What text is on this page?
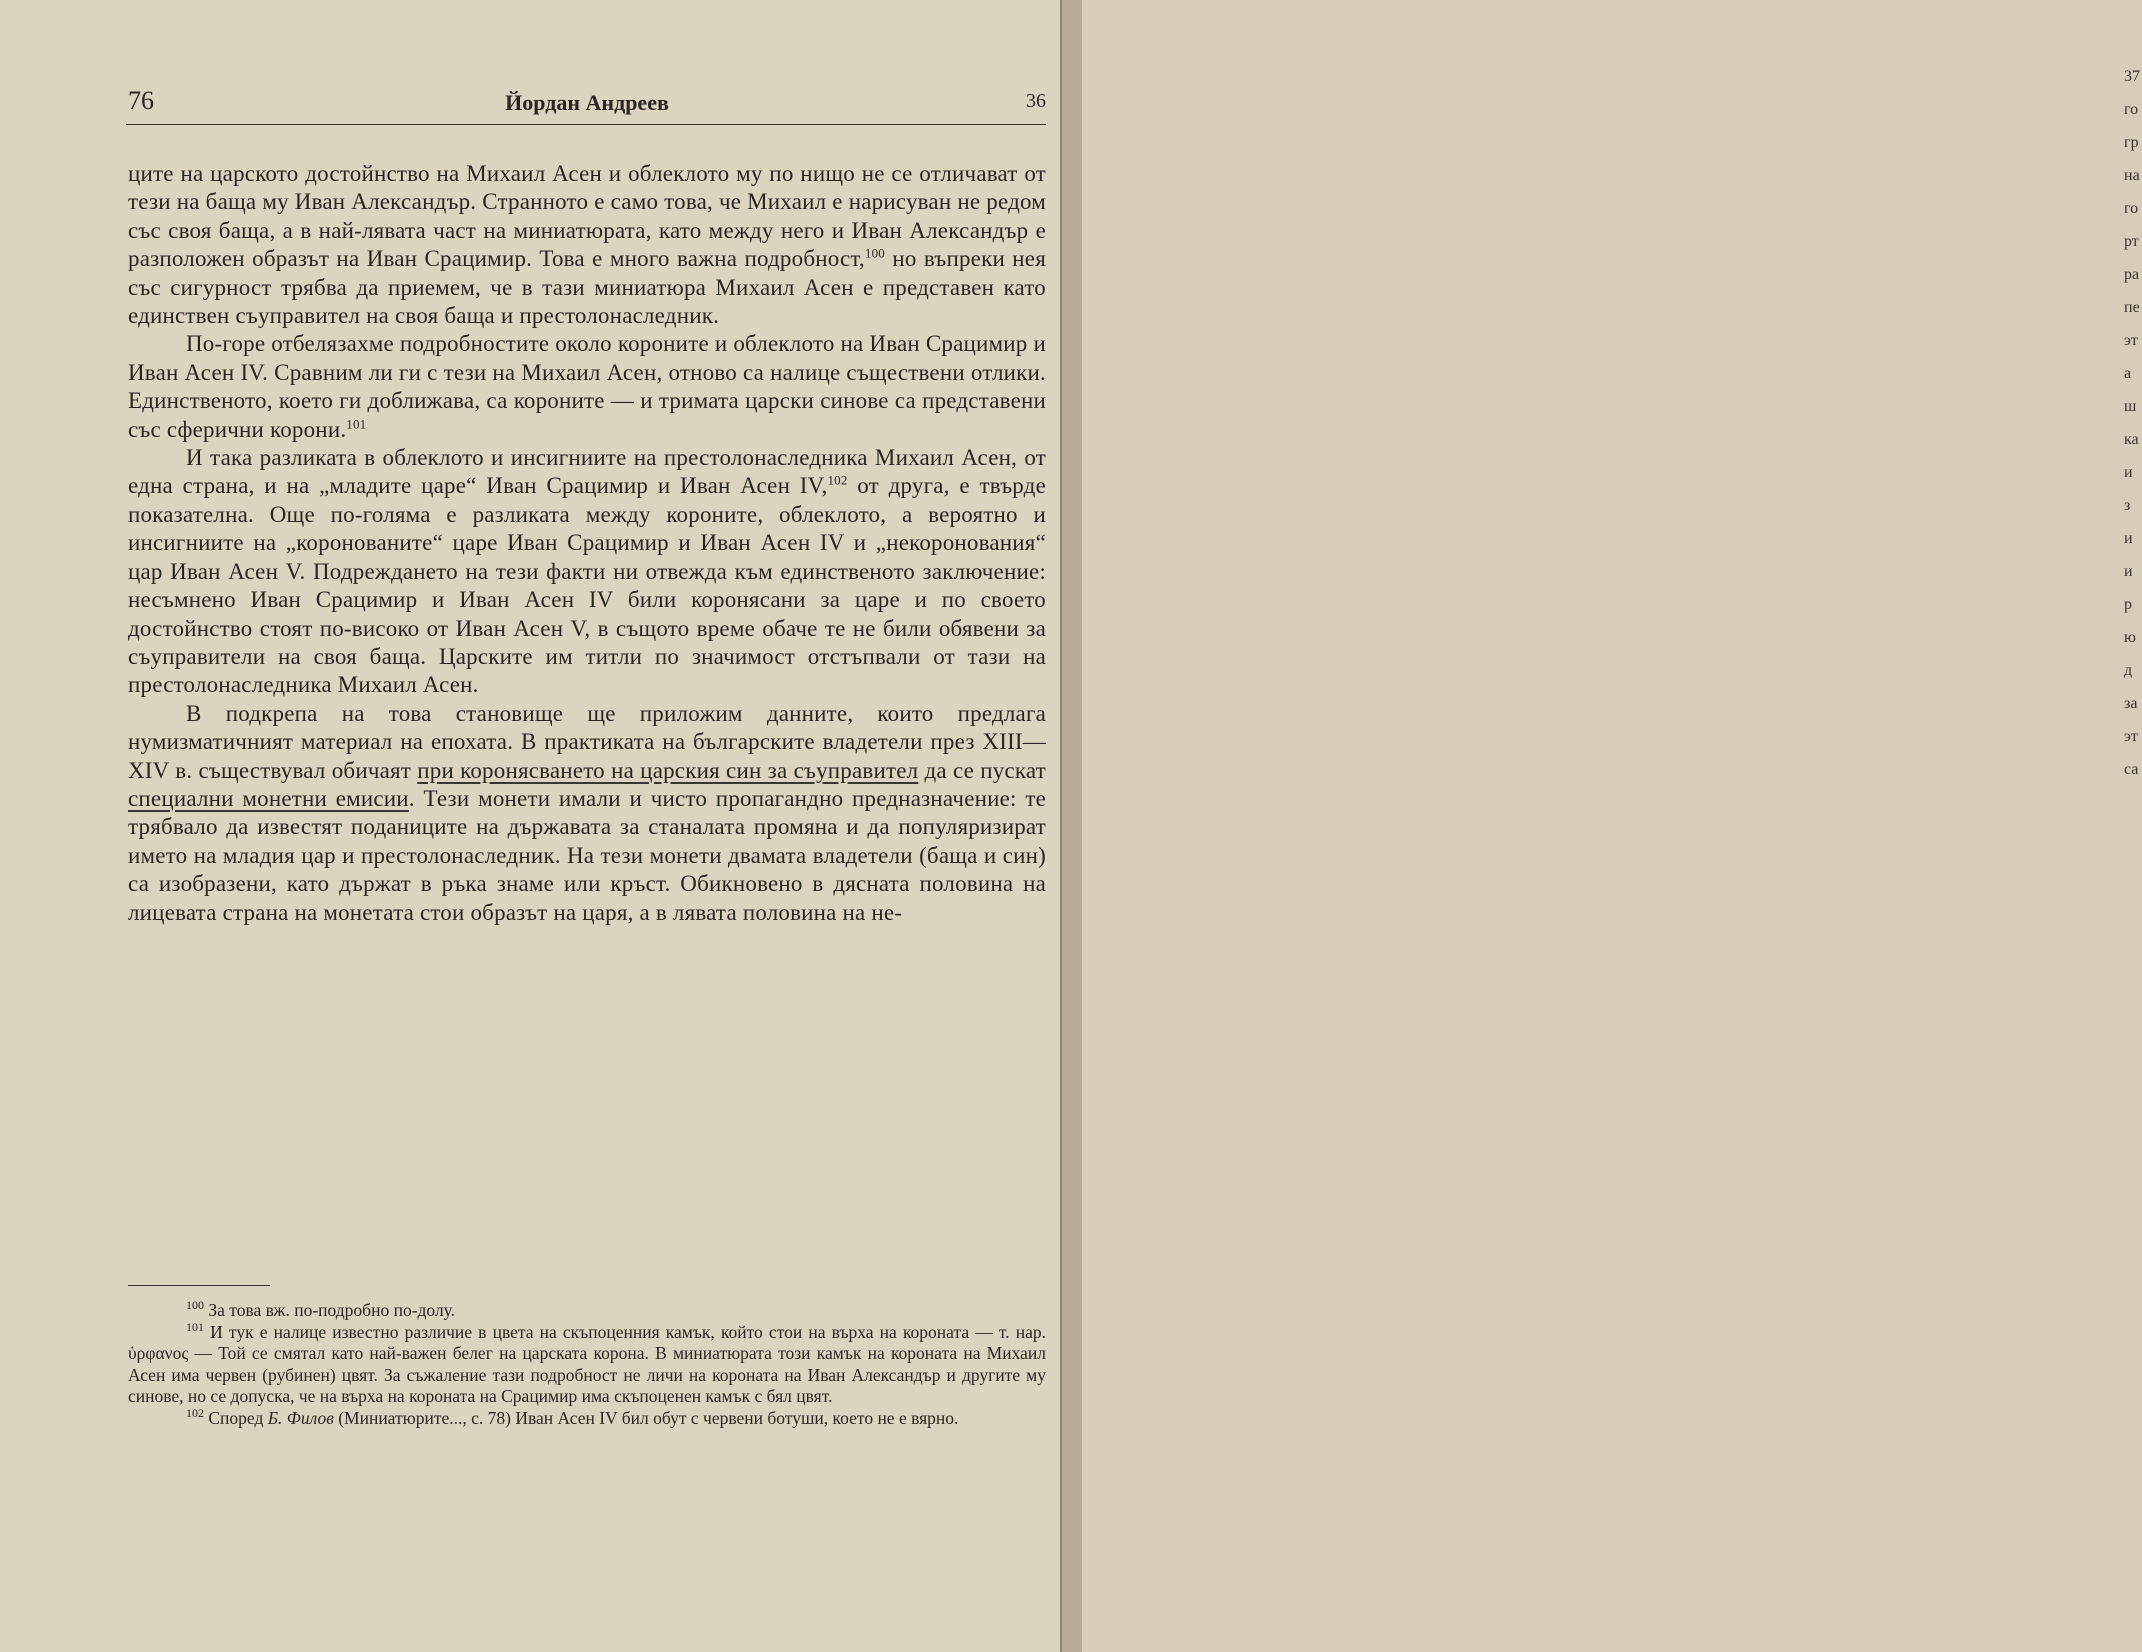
76	Йордан Андреев	36

ците на царското достойнство на Михаил Асен и облеклото му по нищо не се отличават от тези на баща му Иван Александър. Странното е само това, че Михаил е нарисуван не редом със своя баща, а в най-лявата част на миниатюрата, като между него и Иван Александър е разположен образът на Иван Срацимир. Това е много важна подробност,$^{100}$ но въпреки нея със сигурност трябва да приемем, че в тази миниатюра Михаил Асен е представен като единствен съуправител на своя баща и престолонаследник.

По-горе отбелязахме подробностите около короните и облеклото на Иван Срацимир и Иван Асен IV. Сравним ли ги с тези на Михаил Асен, отново са налице съществени отлики. Единственото, което ги доближава, са короните — и тримата царски синове са представени със сферични корони.$^{101}$

И така разликата в облеклото и инсигниите на престолонаследника Михаил Асен, от една страна, и на „младите царе“ Иван Срацимир и Иван Асен IV,$^{102}$ от друга, е твърде показателна. Още по-голяма е разликата между короните, облеклото, а вероятно и инсигниите на „коронованите“ царе Иван Срацимир и Иван Асен IV и „некоронования“ цар Иван Асен V. Подреждането на тези факти ни отвежда към единственото заключение: несъмнено Иван Срацимир и Иван Асен IV били коронясани за царе и по своето достойнство стоят по-високо от Иван Асен V, в същото време обаче те не били обявени за съуправители на своя баща. Царските им титли по значимост отстъпвали от тази на престолонаследника Михаил Асен.

В подкрепа на това становище ще приложим данните, които предлага нумизматичният материал на епохата. В практиката на българските владетели през XIII—XIV в. съществувал обичаят при коронясването на царския син за съуправител да се пускат специални монетни емисии. Тези монети имали и чисто пропагандно предназначение: те трябвало да известят поданиците на държавата за станалата промяна и да популяризират името на младия цар и престолонаследник. На тези монети двамата владетели (баща и син) са изобразени, като държат в ръка знаме или кръст. Обикновено в дясната половина на лицевата страна на монетата стои образът на царя, а в лявата половина на не-

$^{100}$ За това вж. по-подробно по-долу.

$^{101}$ И тук е налице известно различие в цвета на скъпоценния камък, който стои на върха на короната — т. нар. ὑρφανος — Той се смятал като най-важен белег на царската корона. В миниатюрата този камък на короната на Михаил Асен има червен (рубинен) цвят. За съжаление тази подробност не личи на короната на Иван Александър и другите му синове, но се допуска, че на върха на короната на Срацимир има скъпоценен камък с бял цвят.

$^{102}$ Според Б. Филов (Миниатюрите..., с. 78) Иван Асен IV бил обут с червени ботуши, което не е вярно.

37
го
гр
на
го
рт
ра
пе
эт
а
ш
ка
и
з
и
и
р
ю
д
за
эт
са
